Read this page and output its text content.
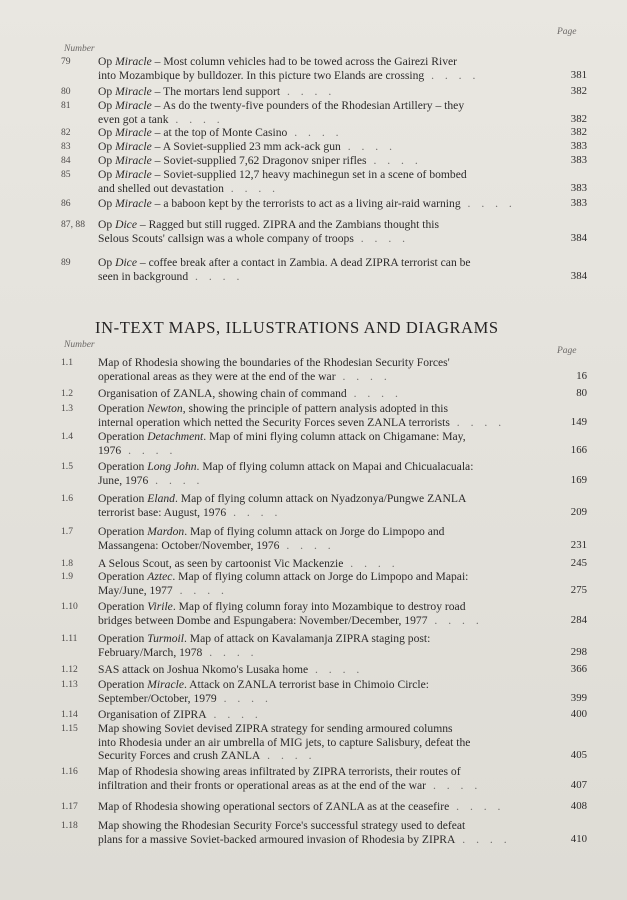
Number
Page
79	Op Miracle – Most column vehicles had to be towed across the Gairezi River
into Mozambique by bulldozer. In this picture two Elands are crossing . . . .	381
80	Op Miracle – The mortars lend support . . . .	382
81	Op Miracle – As do the twenty-five pounders of the Rhodesian Artillery – they
even got a tank . . . .	382
82	Op Miracle – at the top of Monte Casino . . . .	382
83	Op Miracle – A Soviet-supplied 23 mm ack-ack gun . . . .	383
84	Op Miracle – Soviet-supplied 7,62 Dragonov sniper rifles . . . .	383
85	Op Miracle – Soviet-supplied 12,7 heavy machinegun set in a scene of bombed
and shelled out devastation . . . .	383
86	Op Miracle – a baboon kept by the terrorists to act as a living air-raid warning . . . .	383
87, 88	Op Dice – Ragged but still rugged. ZIPRA and the Zambians thought this
Selous Scouts' callsign was a whole company of troops . . . .	384
89	Op Dice – coffee break after a contact in Zambia. A dead ZIPRA terrorist can be
seen in background . . . .	384
IN-TEXT MAPS, ILLUSTRATIONS AND DIAGRAMS
Number
Page
1.1	Map of Rhodesia showing the boundaries of the Rhodesian Security Forces'
operational areas as they were at the end of the war . . . .	16
1.2	Organisation of ZANLA, showing chain of command . . . .	80
1.3	Operation Newton, showing the principle of pattern analysis adopted in this
internal operation which netted the Security Forces seven ZANLA terrorists . . . .	149
1.4	Operation Detachment. Map of mini flying column attack on Chigamane: May,
1976 . . . .	166
1.5	Operation Long John. Map of flying column attack on Mapai and Chicualacuala:
June, 1976 . . . .	169
1.6	Operation Eland. Map of flying column attack on Nyadzonya/Pungwe ZANLA
terrorist base: August, 1976 . . . .	209
1.7	Operation Mardon. Map of flying column attack on Jorge do Limpopo and
Massangena: October/November, 1976 . . . .	231
1.8	A Selous Scout, as seen by cartoonist Vic Mackenzie . . . .	245
1.9	Operation Aztec. Map of flying column attack on Jorge do Limpopo and Mapai:
May/June, 1977 . . . .	275
1.10	Operation Virile. Map of flying column foray into Mozambique to destroy road
bridges between Dombe and Espungabera: November/December, 1977 . . . .	284
1.11	Operation Turmoil. Map of attack on Kavalamanja ZIPRA staging post:
February/March, 1978 . . . .	298
1.12	SAS attack on Joshua Nkomo's Lusaka home . . . .	366
1.13	Operation Miracle. Attack on ZANLA terrorist base in Chimoio Circle:
September/October, 1979 . . . .	399
1.14	Organisation of ZIPRA . . . .	400
1.15	Map showing Soviet devised ZIPRA strategy for sending armoured columns
into Rhodesia under an air umbrella of MIG jets, to capture Salisbury, defeat the
Security Forces and crush ZANLA . . . .	405
1.16	Map of Rhodesia showing areas infiltrated by ZIPRA terrorists, their routes of
infiltration and their fronts or operational areas as at the end of the war . . . .	407
1.17	Map of Rhodesia showing operational sectors of ZANLA as at the ceasefire . . . .	408
1.18	Map showing the Rhodesian Security Force's successful strategy used to defeat
plans for a massive Soviet-backed armoured invasion of Rhodesia by ZIPRA . . . .	410
